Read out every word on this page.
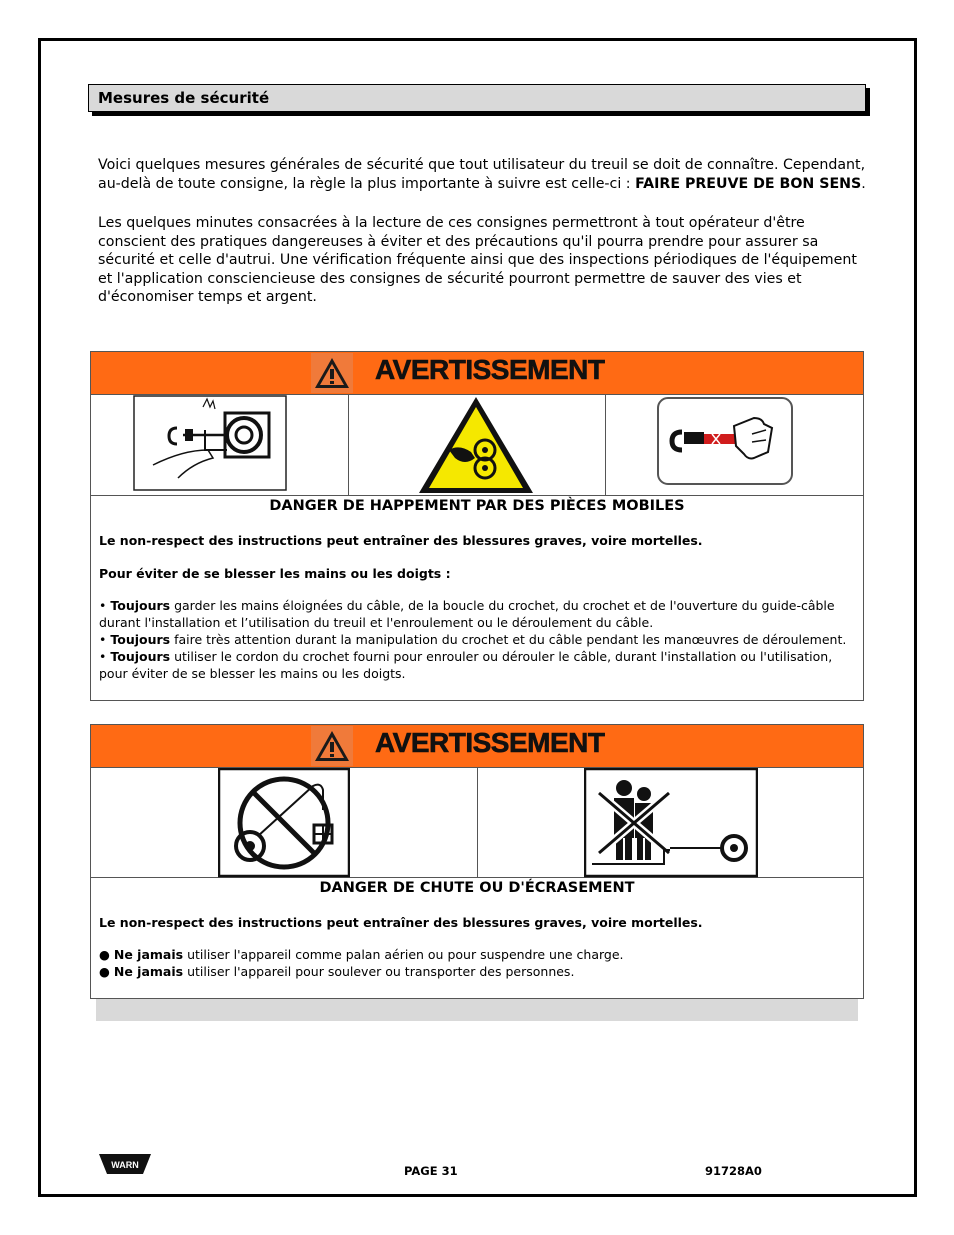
Mesures de sécurité

Voici quelques mesures générales de sécurité que tout utilisateur du treuil se doit de connaître. Cependant, au-delà de toute consigne, la règle la plus importante à suivre est celle-ci : FAIRE PREUVE DE BON SENS.

Les quelques minutes consacrées à la lecture de ces consignes permettront à tout opérateur d'être conscient des pratiques dangereuses à éviter et des précautions qu'il pourra prendre pour assurer sa sécurité et celle d'autrui. Une vérification fréquente ainsi que des inspections périodiques de l'équipement et l'application consciencieuse des consignes de sécurité pourront permettre de sauver des vies et d'économiser temps et argent.

AVERTISSEMENT
DANGER DE HAPPEMENT PAR DES PIÈCES MOBILES
Le non-respect des instructions peut entraîner des blessures graves, voire mortelles.
Pour éviter de se blesser les mains ou les doigts :
• Toujours garder les mains éloignées du câble, de la boucle du crochet, du crochet et de l'ouverture du guide-câble durant l'installation et l’utilisation du treuil et l'enroulement ou le déroulement du câble.
• Toujours faire très attention durant la manipulation du crochet et du câble pendant les manœuvres de déroulement.
• Toujours utiliser le cordon du crochet fourni pour enrouler ou dérouler le câble, durant l'installation ou l'utilisation, pour éviter de se blesser les mains ou les doigts.
AVERTISSEMENT
DANGER DE CHUTE OU D'ÉCRASEMENT
Le non-respect des instructions peut entraîner des blessures graves, voire mortelles.
● Ne jamais utiliser l'appareil comme palan aérien ou pour suspendre une charge.
● Ne jamais utiliser l'appareil pour soulever ou transporter des personnes.
WARN	PAGE 31	91728A0
